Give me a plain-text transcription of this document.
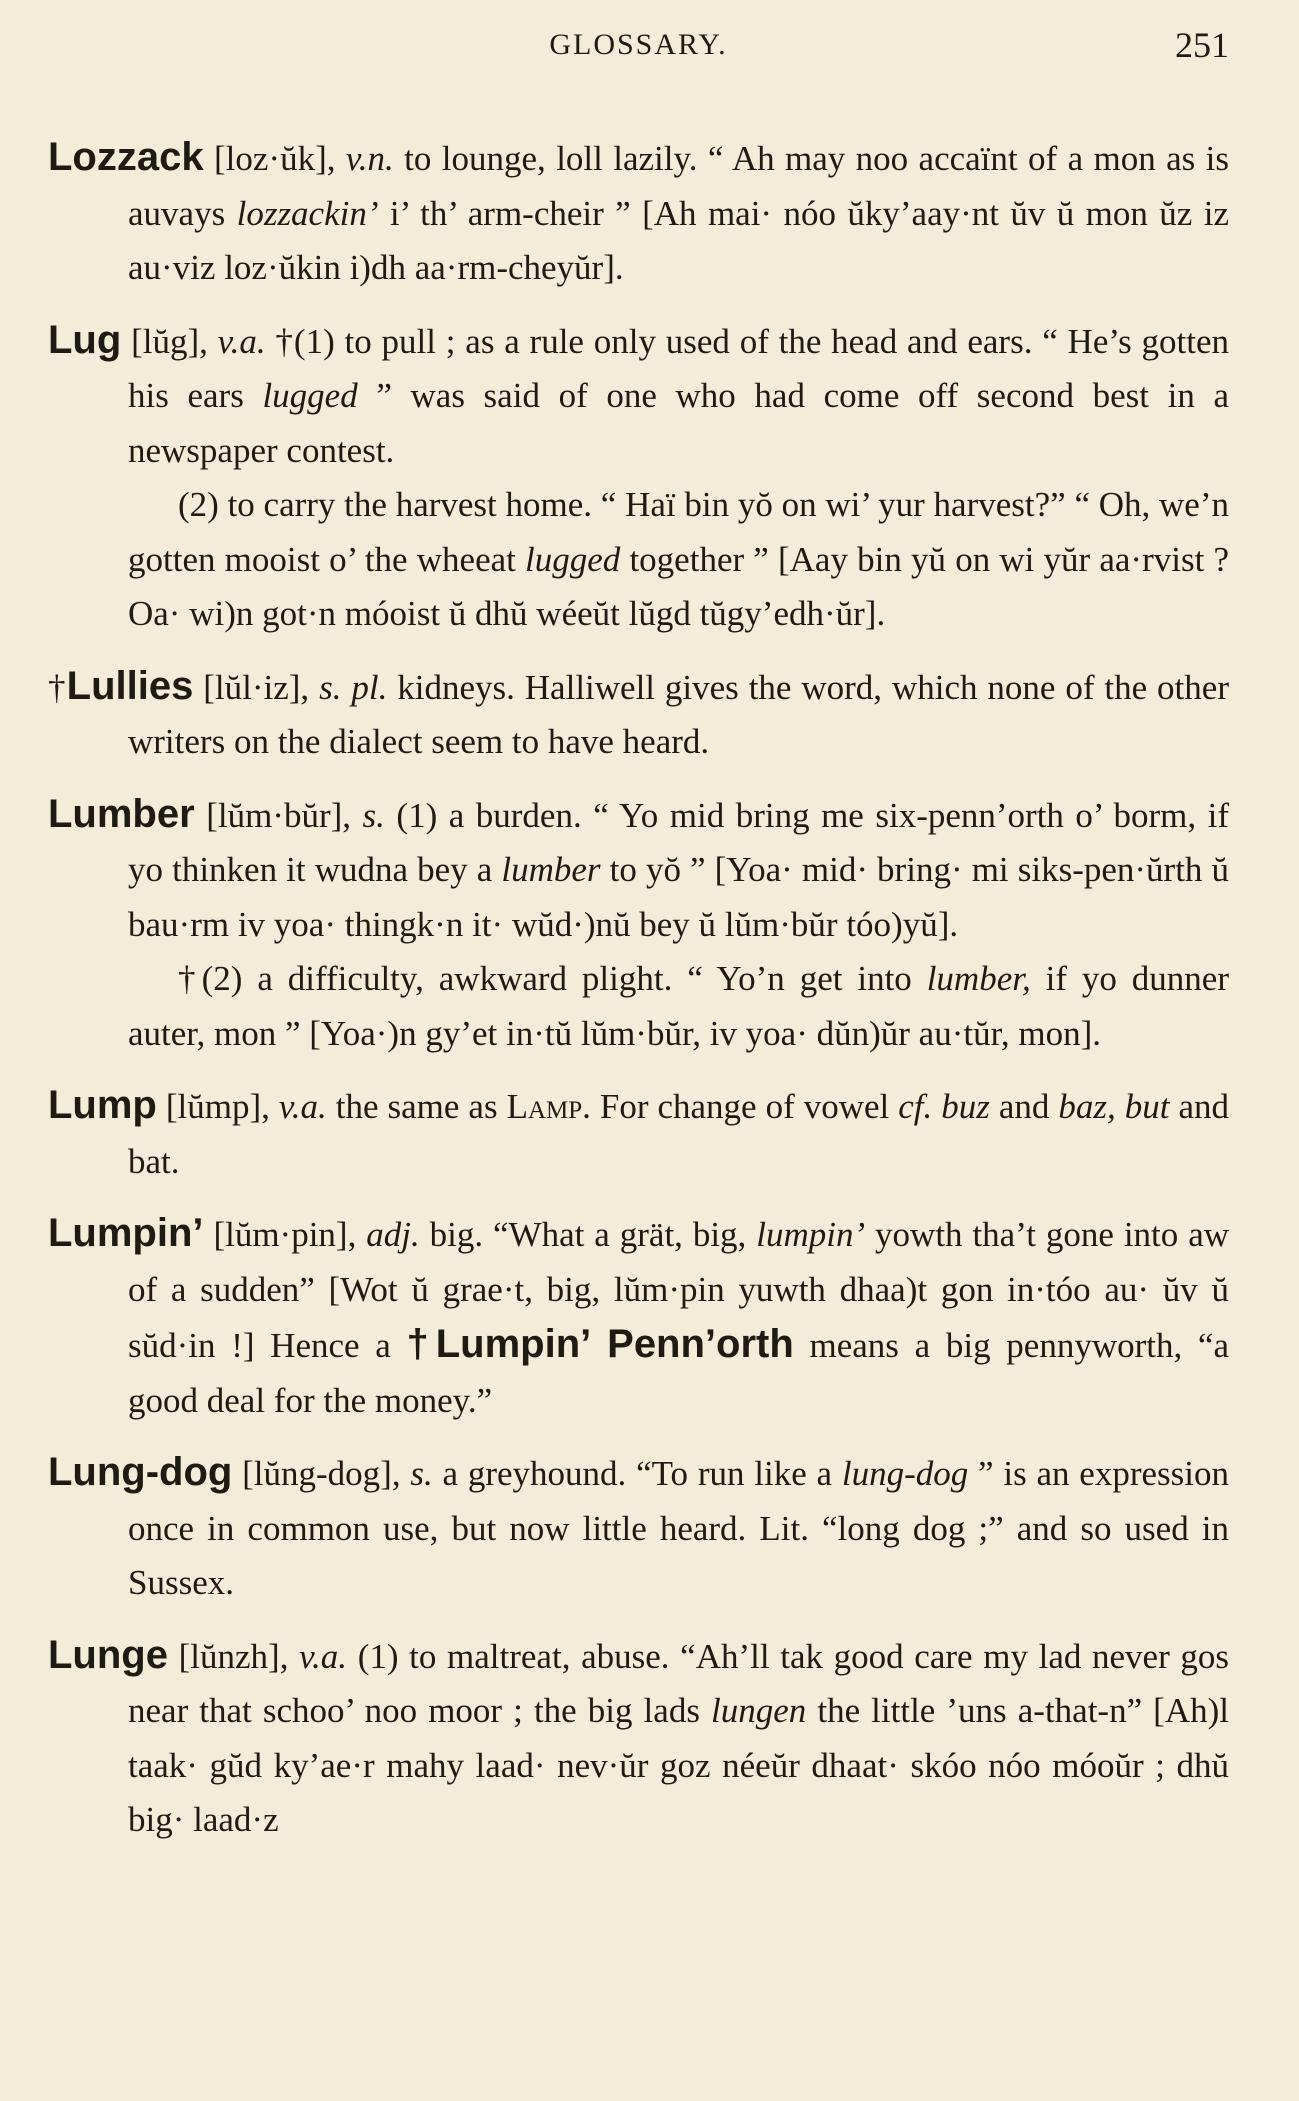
GLOSSARY.	251

Lozzack [loz·ŭk], v.n. to lounge, loll lazily. “ Ah may noo accaïnt of a mon as is auvays lozzackin’ i’ th’ arm-cheir ” [Ah mai· nóo ŭky’aay·nt ŭv ŭ mon ŭz iz au·viz loz·ŭkin i)dh aa·rm-cheyŭr].

Lug [lŭg], v.a. †(1) to pull ; as a rule only used of the head and ears. “ He’s gotten his ears lugged ” was said of one who had come off second best in a newspaper contest.
(2) to carry the harvest home. “ Haï bin yŏ on wi’ yur harvest?” “ Oh, we’n gotten mooist o’ the wheeat lugged together ” [Aay bin yŭ on wi yŭr aa·rvist ? Oa· wi)n got·n móoist ŭ dhŭ wéeŭt lŭgd tŭgy’edh·ŭr].

†Lullies [lŭl·iz], s. pl. kidneys. Halliwell gives the word, which none of the other writers on the dialect seem to have heard.

Lumber [lŭm·bŭr], s. (1) a burden. “ Yo mid bring me six-penn’orth o’ borm, if yo thinken it wudna bey a lumber to yŏ ” [Yoa· mid· bring· mi siks-pen·ŭrth ŭ bau·rm iv yoa· thingk·n it· wŭd·)nŭ bey ŭ lŭm·bŭr tóo)yŭ].
†(2) a difficulty, awkward plight. “ Yo’n get into lumber, if yo dunner auter, mon ” [Yoa·)n gy’et in·tŭ lŭm·bŭr, iv yoa· dŭn)ŭr au·tŭr, mon].

Lump [lŭmp], v.a. the same as Lamp. For change of vowel cf. buz and baz, but and bat.

Lumpin’ [lŭm·pin], adj. big. “What a grät, big, lumpin’ yowth tha’t gone into aw of a sudden” [Wot ŭ grae·t, big, lŭm·pin yuwth dhaa)t gon in·tóo au· ŭv ŭ sŭd·in !] Hence a †Lumpin’ Penn’orth means a big pennyworth, “a good deal for the money.”

Lung-dog [lŭng-dog], s. a greyhound. “To run like a lung-dog ” is an expression once in common use, but now little heard. Lit. “long dog ;” and so used in Sussex.

Lunge [lŭnzh], v.a. (1) to maltreat, abuse. “Ah’ll tak good care my lad never gos near that schoo’ noo moor ; the big lads lungen the little ’uns a-that-n” [Ah)l taak· gŭd ky’ae·r mahy laad· nev·ŭr goz néeŭr dhaat· skóo nóo móoŭr ; dhŭ big· laad·z
